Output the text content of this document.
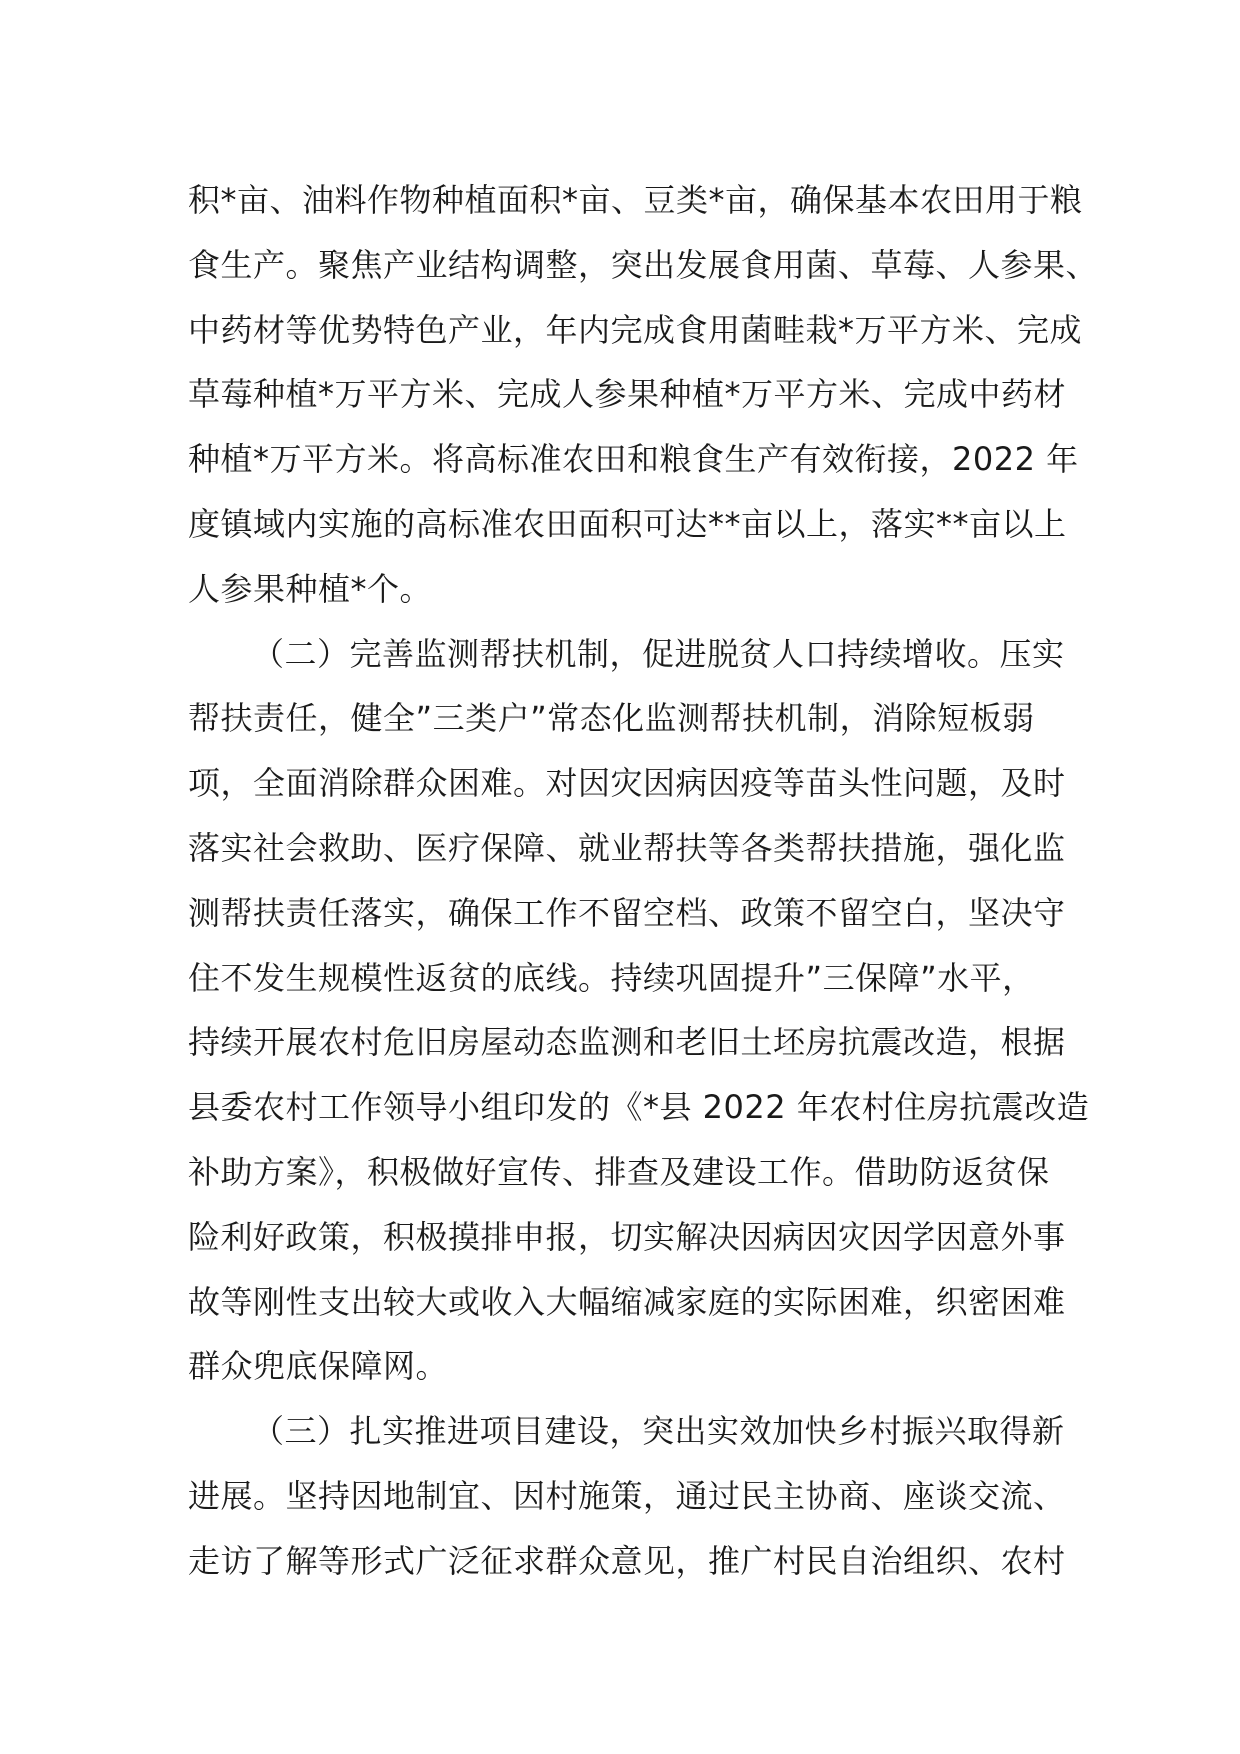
积*亩、油料作物种植面积*亩、豆类*亩，确保基本农田用于粮
食生产。聚焦产业结构调整，突出发展食用菌、草莓、人参果、
中药材等优势特色产业，年内完成食用菌畦栽*万平方米、完成
草莓种植*万平方米、完成人参果种植*万平方米、完成中药材
种植*万平方米。将高标准农田和粮食生产有效衔接，2022 年
度镇域内实施的高标准农田面积可达**亩以上，落实**亩以上
人参果种植*个。
（二）完善监测帮扶机制，促进脱贫人口持续增收。压实
帮扶责任，健全”三类户”常态化监测帮扶机制，消除短板弱
项，全面消除群众困难。对因灾因病因疫等苗头性问题，及时
落实社会救助、医疗保障、就业帮扶等各类帮扶措施，强化监
测帮扶责任落实，确保工作不留空档、政策不留空白，坚决守
住不发生规模性返贫的底线。持续巩固提升”三保障”水平，
持续开展农村危旧房屋动态监测和老旧土坯房抗震改造，根据
县委农村工作领导小组印发的《*县 2022 年农村住房抗震改造
补助方案》，积极做好宣传、排查及建设工作。借助防返贫保
险利好政策，积极摸排申报，切实解决因病因灾因学因意外事
故等刚性支出较大或收入大幅缩减家庭的实际困难，织密困难
群众兜底保障网。
（三）扎实推进项目建设，突出实效加快乡村振兴取得新
进展。坚持因地制宜、因村施策，通过民主协商、座谈交流、
走访了解等形式广泛征求群众意见，推广村民自治组织、农村
